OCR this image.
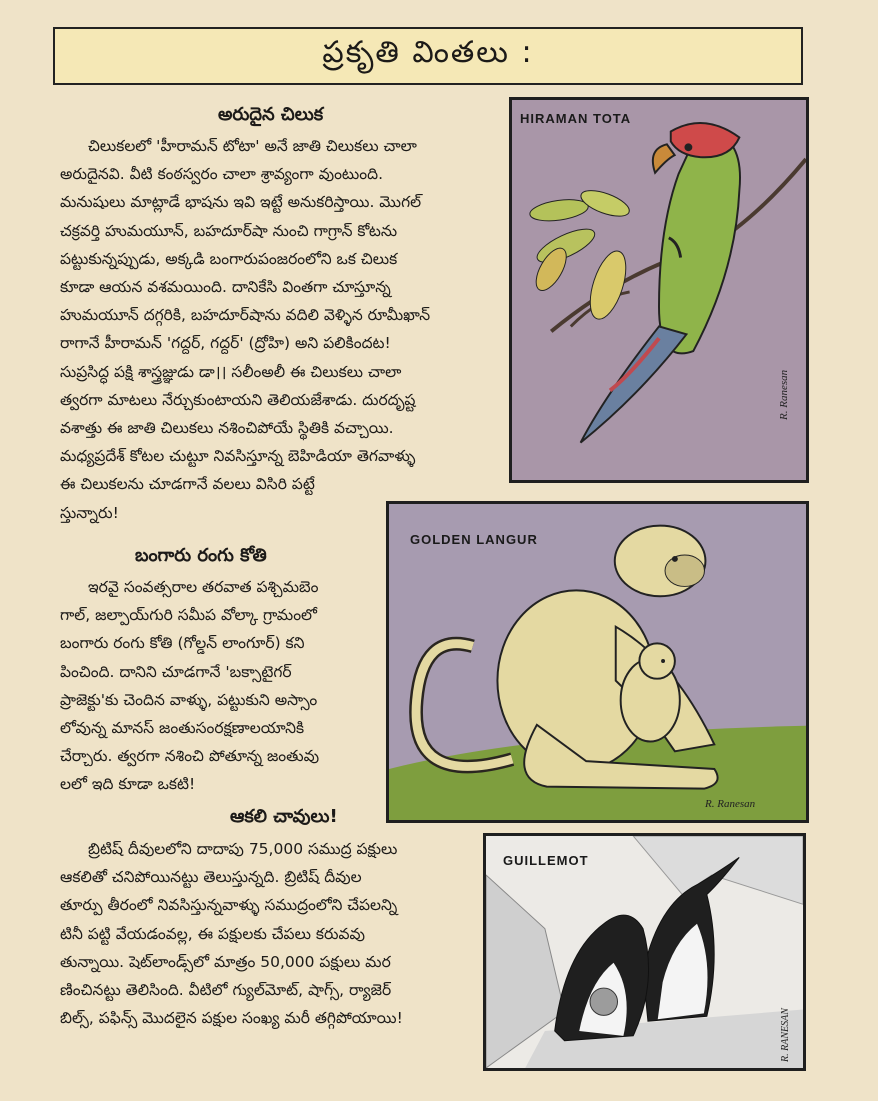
ప్రకృతి వింతలు :
అరుదైన చిలుక
చిలుకలలో 'హీరామన్ టోటా' అనే జాతి చిలుకలు చాలా
అరుదైనవి. వీటి కంఠస్వరం చాలా శ్రావ్యంగా వుంటుంది.
మనుషులు మాట్లాడే భాషను ఇవి ఇట్టే అనుకరిస్తాయి. మొగల్
చక్రవర్తి హుమయూన్, బహదూర్‌షా నుంచి గాగ్రాన్ కోటను
పట్టుకున్నప్పుడు, అక్కడి బంగారుపంజరంలోని ఒక చిలుక
కూడా ఆయన వశమయింది. దానికేసి వింతగా చూస్తూన్న
హుమయూన్ దగ్గరికి, బహదూర్‌షాను వదిలి వెళ్ళిన రూమీఖాన్
రాగానే హీరామన్ 'గద్దర్, గద్దర్' (ద్రోహి) అని పలికిందట!
సుప్రసిద్ధ పక్షి శాస్త్రజ్ఞుడు డా।। సలీంఅలీ ఈ చిలుకలు చాలా
త్వరగా మాటలు నేర్చుకుంటాయని తెలియజేశాడు. దురదృష్ట
వశాత్తు ఈ జాతి చిలుకలు నశించిపోయే స్థితికి వచ్చాయి.
మధ్యప్రదేశ్ కోటల చుట్టూ నివసిస్తూన్న బెహిడియా తెగవాళ్ళు
ఈ చిలుకలను చూడగానే వలలు విసిరి పట్టే
స్తున్నారు!
బంగారు రంగు కోతి
ఇరవై సంవత్సరాల తరవాత పశ్చిమబెం
గాల్, జల్పాయ్‌గురి సమీప వోల్కా గ్రామంలో
బంగారు రంగు కోతి (గోల్డన్ లాంగూర్) కని
పించింది. దానిని చూడగానే 'బక్సాటైగర్
ప్రాజెక్టు'కు చెందిన వాళ్ళు, పట్టుకుని అస్సాం
లోవున్న మానస్ జంతుసంరక్షణాలయానికి
చేర్చారు. త్వరగా నశించి పోతూన్న జంతువు
లలో ఇది కూడా ఒకటి!
ఆకలి చావులు!
బ్రిటిష్ దీవులలోని దాదాపు 75,000 సముద్ర పక్షులు
ఆకలితో చనిపోయినట్టు తెలుస్తున్నది. బ్రిటిష్ దీవుల
తూర్పు తీరంలో నివసిస్తున్నవాళ్ళు సముద్రంలోని చేపలన్ని
టినీ పట్టి వేయడంవల్ల, ఈ పక్షులకు చేపలు కరువవు
తున్నాయి. షెట్‌లాండ్స్‌లో మాత్రం 50,000 పక్షులు మర
ణించినట్టు తెలిసింది. వీటిలో గ్యుల్‌మోట్, షాగ్స్, ర్యాజెర్
బిల్స్, పఫిన్స్ మొదలైన పక్షుల సంఖ్య మరీ తగ్గిపోయాయి!
HIRAMAN TOTA
R. Ranesan
GOLDEN LANGUR
R. Ranesan
GUILLEMOT
R. RANESAN
